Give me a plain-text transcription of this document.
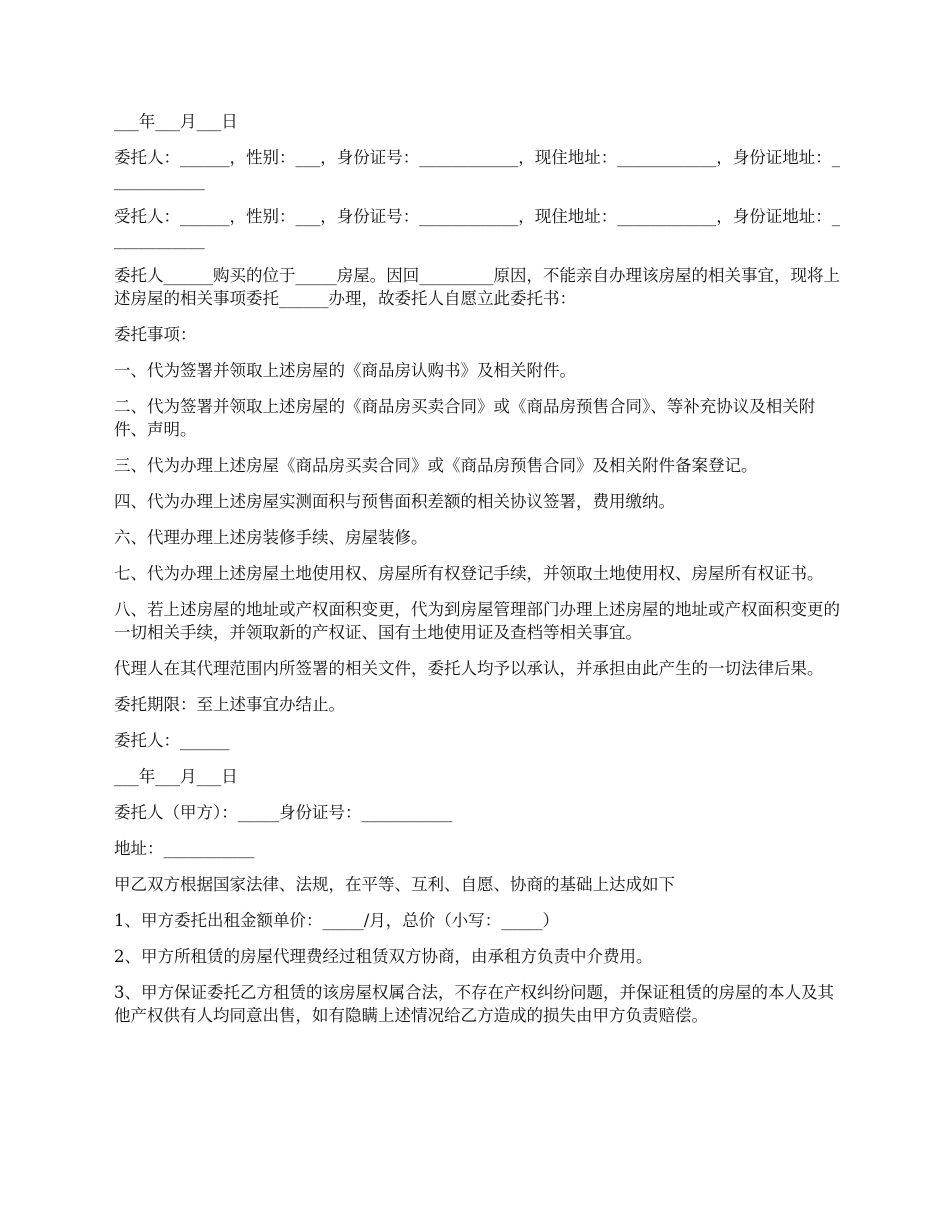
___年___月___日

委托人：______，性别：___，身份证号：____________，现住地址：____________，身份证地址：____________

受托人：______，性别：___，身份证号：____________，现住地址：____________，身份证地址：____________

委托人______购买的位于_____房屋。因回_________原因，不能亲自办理该房屋的相关事宜，现将上述房屋的相关事项委托______办理，故委托人自愿立此委托书：

委托事项：

一、代为签署并领取上述房屋的《商品房认购书》及相关附件。

二、代为签署并领取上述房屋的《商品房买卖合同》或《商品房预售合同》、等补充协议及相关附件、声明。

三、代为办理上述房屋《商品房买卖合同》或《商品房预售合同》及相关附件备案登记。

四、代为办理上述房屋实测面积与预售面积差额的相关协议签署，费用缴纳。

六、代理办理上述房装修手续、房屋装修。

七、代为办理上述房屋土地使用权、房屋所有权登记手续，并领取土地使用权、房屋所有权证书。

八、若上述房屋的地址或产权面积变更，代为到房屋管理部门办理上述房屋的地址或产权面积变更的一切相关手续，并领取新的产权证、国有土地使用证及查档等相关事宜。

代理人在其代理范围内所签署的相关文件，委托人均予以承认，并承担由此产生的一切法律后果。

委托期限：至上述事宜办结止。

委托人：______

___年___月___日

委托人（甲方）：_____身份证号：___________

地址：___________

甲乙双方根据国家法律、法规，在平等、互利、自愿、协商的基础上达成如下

1、甲方委托出租金额单价：_____/月，总价（小写：_____）

2、甲方所租赁的房屋代理费经过租赁双方协商，由承租方负责中介费用。

3、甲方保证委托乙方租赁的该房屋权属合法，不存在产权纠纷问题，并保证租赁的房屋的本人及其他产权供有人均同意出售，如有隐瞒上述情况给乙方造成的损失由甲方负责赔偿。
